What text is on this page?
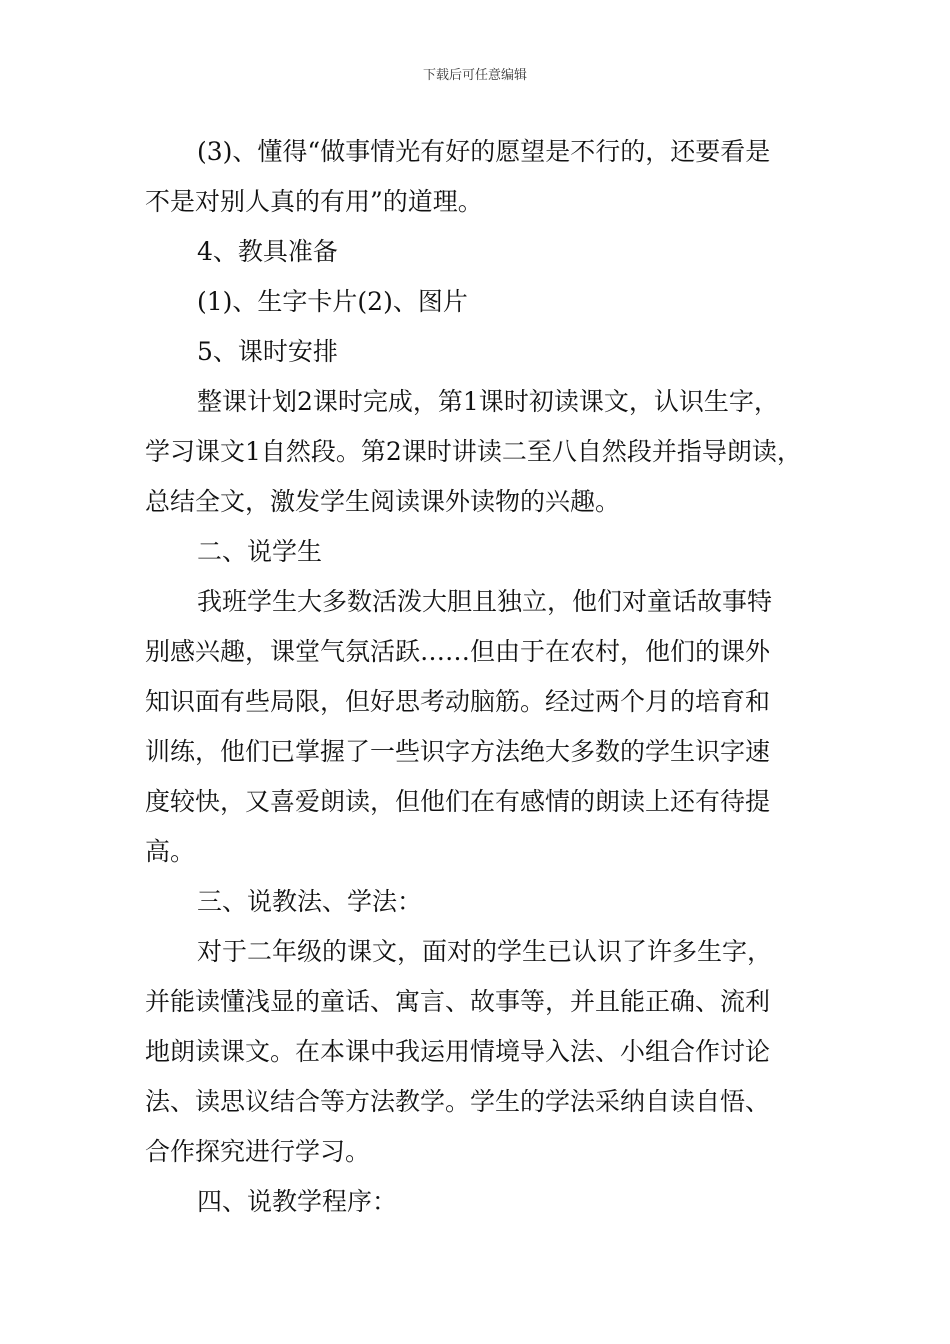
下载后可任意编辑

(3)、懂得“做事情光有好的愿望是不行的，还要看是
不是对别人真的有用”的道理。

4、教具准备

(1)、生字卡片(2)、图片

5、课时安排

整课计划2课时完成，第1课时初读课文，认识生字，
学习课文1自然段。第2课时讲读二至八自然段并指导朗读，
总结全文，激发学生阅读课外读物的兴趣。

二、说学生

我班学生大多数活泼大胆且独立，他们对童话故事特
别感兴趣，课堂气氛活跃……但由于在农村，他们的课外
知识面有些局限，但好思考动脑筋。经过两个月的培育和
训练，他们已掌握了一些识字方法绝大多数的学生识字速
度较快，又喜爱朗读，但他们在有感情的朗读上还有待提
高。

三、说教法、学法：

对于二年级的课文，面对的学生已认识了许多生字，
并能读懂浅显的童话、寓言、故事等，并且能正确、流利
地朗读课文。在本课中我运用情境导入法、小组合作讨论
法、读思议结合等方法教学。学生的学法采纳自读自悟、
合作探究进行学习。

四、说教学程序：
